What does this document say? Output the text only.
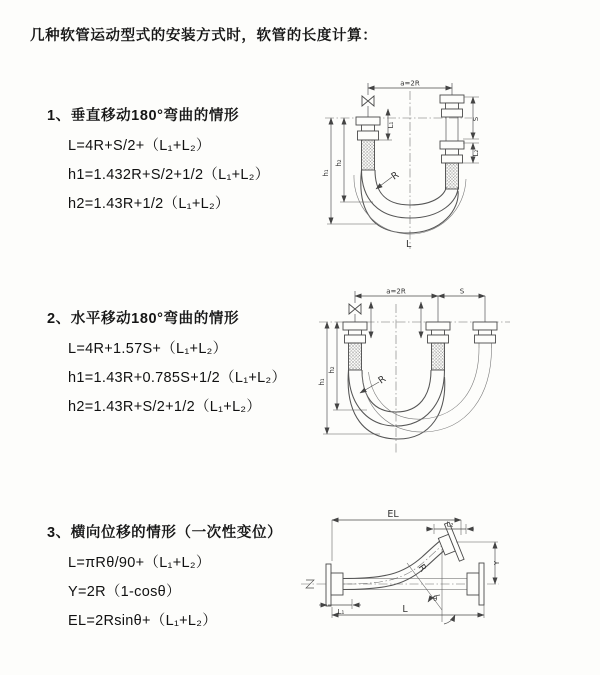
几种软管运动型式的安装方式时，软管的长度计算：
1、垂直移动180°弯曲的情形
L=4R+S/2+（L₁+L₂）
h1=1.432R+S/2+1/2（L₁+L₂）
h2=1.43R+1/2（L₁+L₂）
2、水平移动180°弯曲的情形
L=4R+1.57S+（L₁+L₂）
h1=1.43R+0.785S+1/2（L₁+L₂）
h2=1.43R+S/2+1/2（L₁+L₂）
3、横向位移的情形（一次性变位）
L=πRθ/90+（L₁+L₂）
Y=2R（1-cosθ）
EL=2Rsinθ+（L₁+L₂）
a=2R
S
L₂
L₁
h₁
h₂
R
L
a=2R	S
h₁
h₂
R
R
θ
EL
L₂
Y
L
L₁
